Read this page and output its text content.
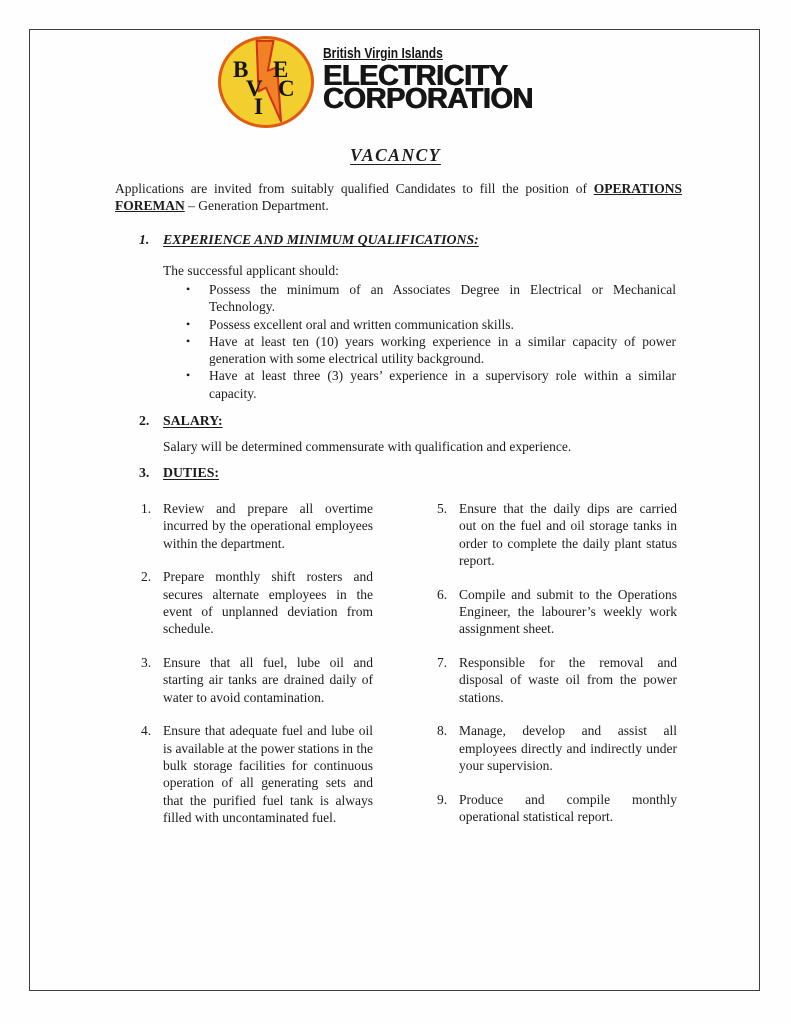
B
V
I
E
C
British Virgin Islands
ELECTRICITY
CORPORATION
VACANCY
Applications are invited from suitably qualified Candidates to fill the position of OPERATIONS FOREMAN – Generation Department.
1. EXPERIENCE AND MINIMUM QUALIFICATIONS:
The successful applicant should:
•	Possess the minimum of an Associates Degree in Electrical or Mechanical Technology.
•	Possess excellent oral and written communication skills.
•	Have at least ten (10) years working experience in a similar capacity of power generation with some electrical utility background.
•	Have at least three (3) years’ experience in a supervisory role within a similar capacity.
2. SALARY:
Salary will be determined commensurate with qualification and experience.
3. DUTIES:
1. Review and prepare all overtime incurred by the operational employees within the department.
2. Prepare monthly shift rosters and secures alternate employees in the event of unplanned deviation from schedule.
3. Ensure that all fuel, lube oil and starting air tanks are drained daily of water to avoid contamination.
4. Ensure that adequate fuel and lube oil is available at the power stations in the bulk storage facilities for continuous operation of all generating sets and that the purified fuel tank is always filled with uncontaminated fuel.
5. Ensure that the daily dips are carried out on the fuel and oil storage tanks in order to complete the daily plant status report.
6. Compile and submit to the Operations Engineer, the labourer’s weekly work assignment sheet.
7. Responsible for the removal and disposal of waste oil from the power stations.
8. Manage, develop and assist all employees directly and indirectly under your supervision.
9. Produce and compile monthly operational statistical report.
